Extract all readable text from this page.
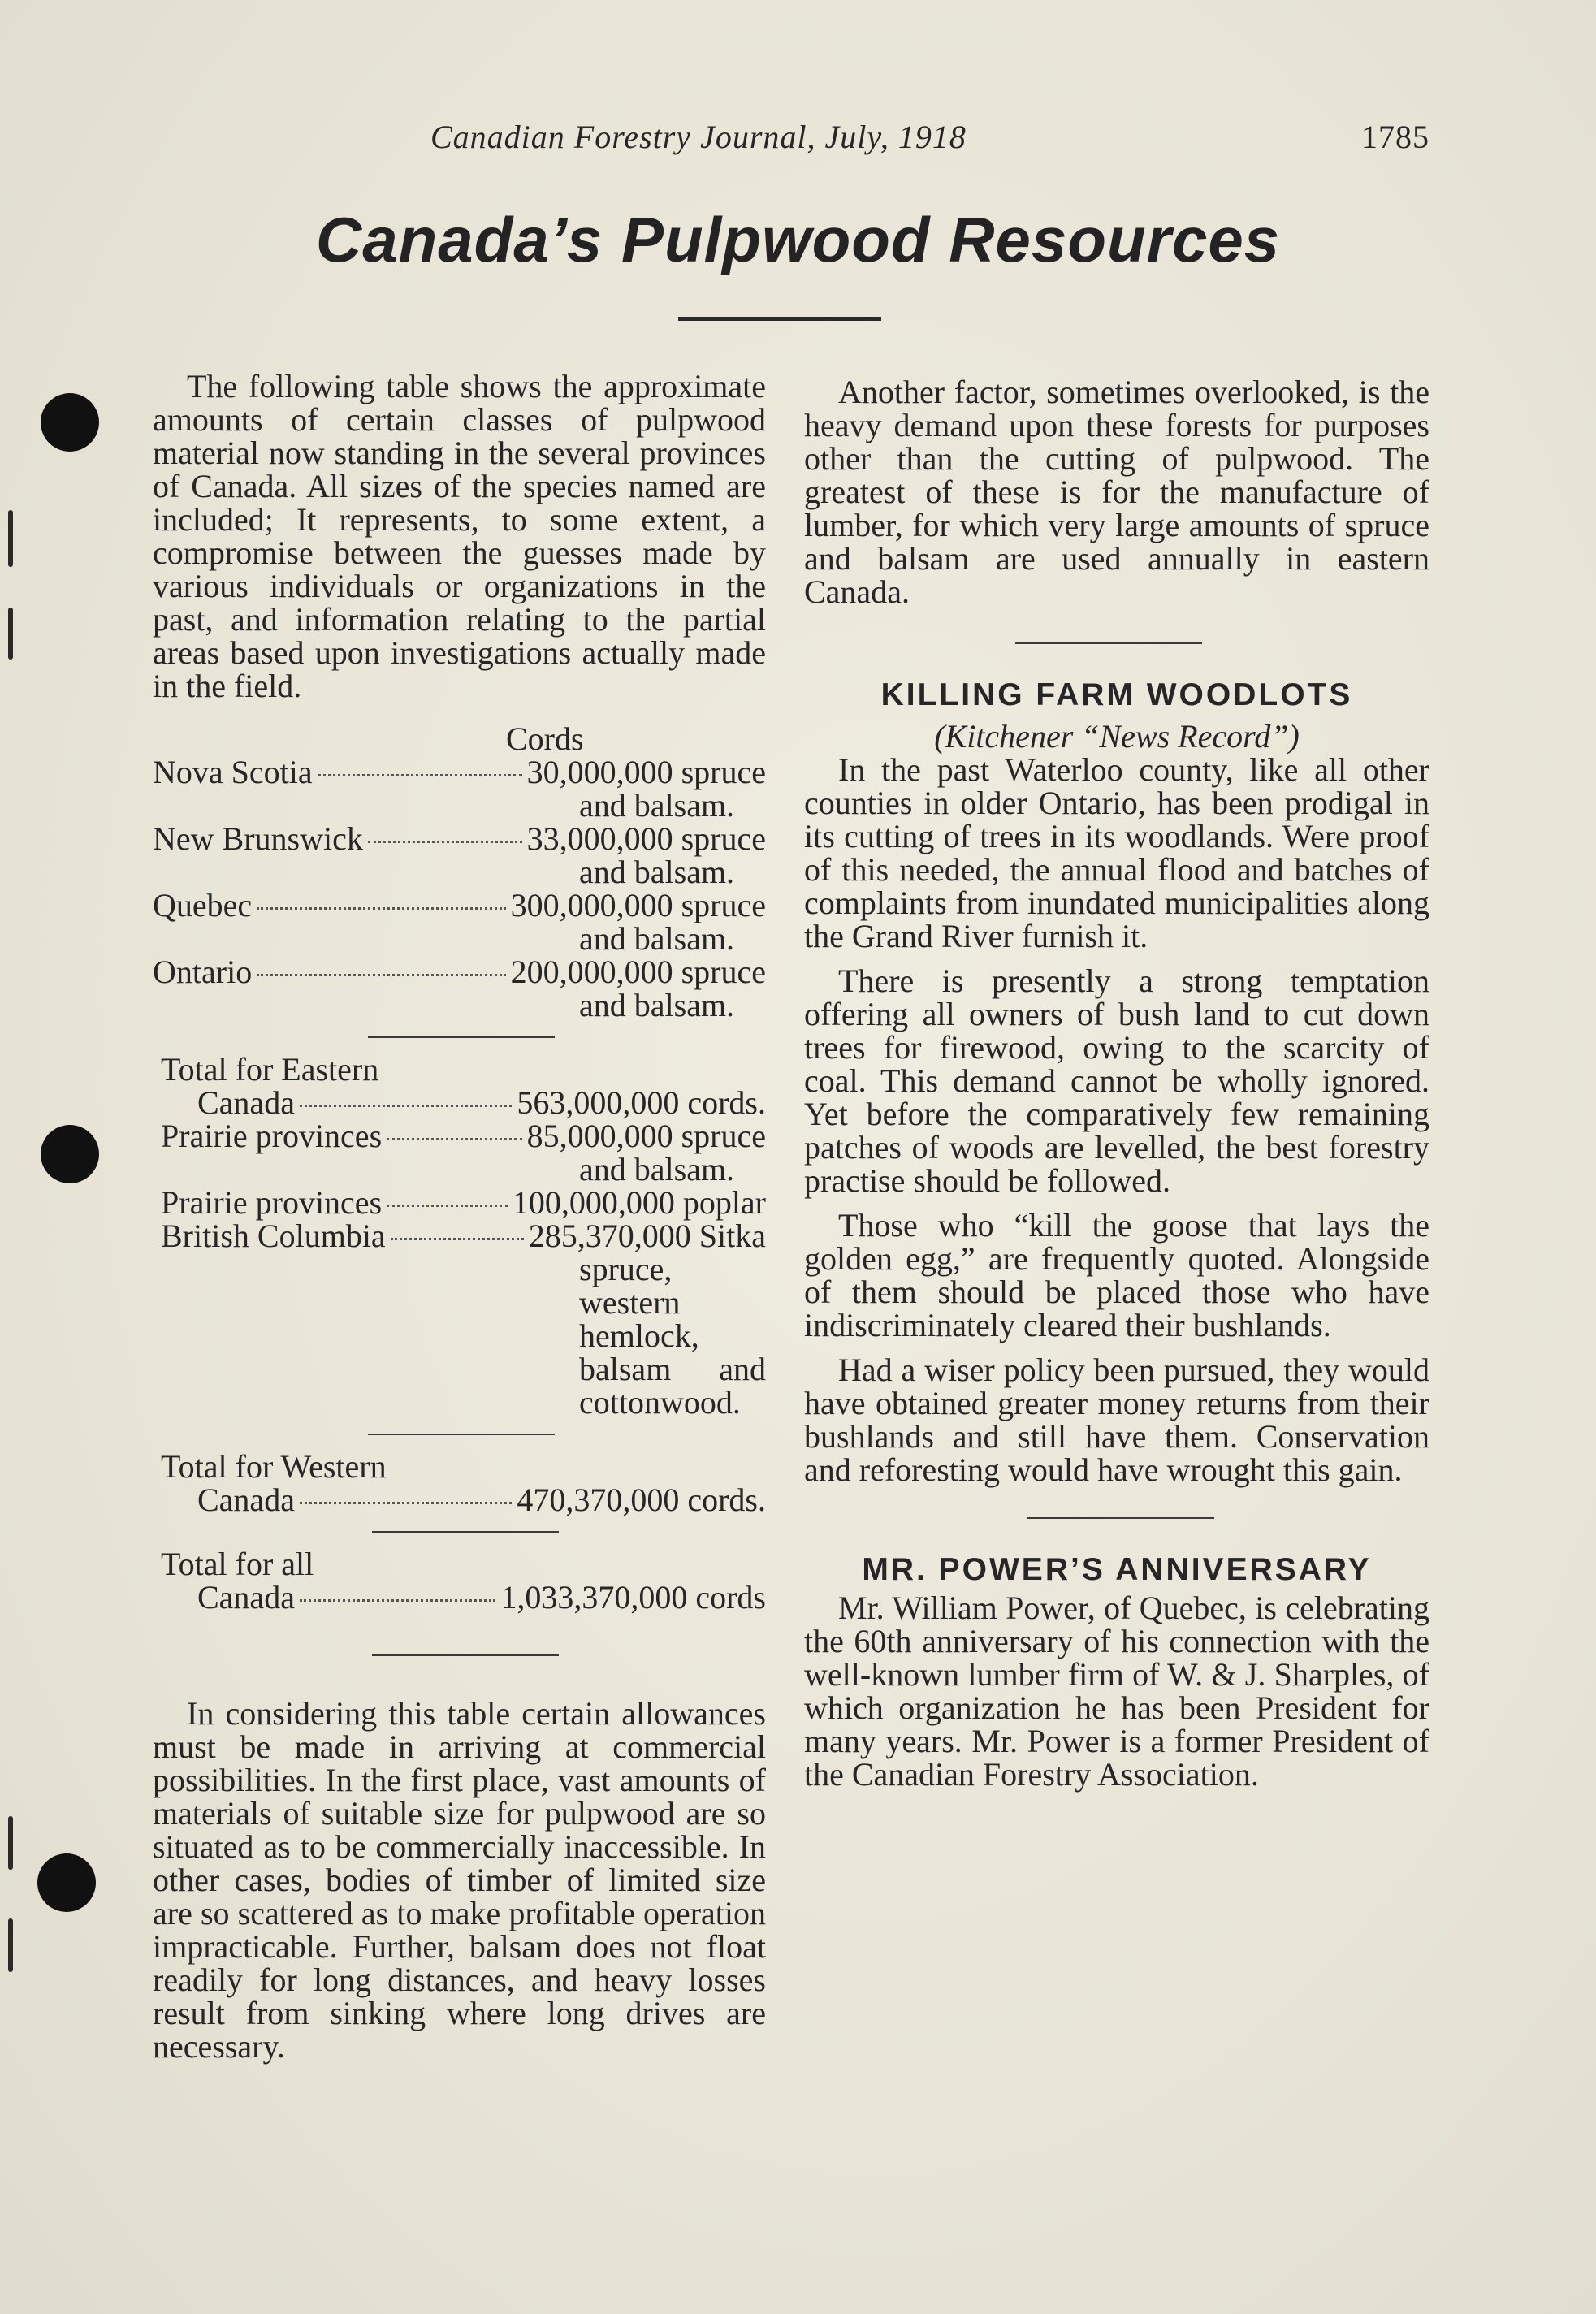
Canadian Forestry Journal, July, 1918	1785
Canada’s Pulpwood Resources

The following table shows the approximate amounts of certain classes of pulpwood material now standing in the several provinces of Canada. All sizes of the species named are included; It represents, to some extent, a compromise between the guesses made by various individuals or organizations in the past, and information relating to the partial areas based upon investigations actually made in the field.

Cords
Nova Scotia	30,000,000 spruce
and balsam.
New Brunswick	33,000,000 spruce
and balsam.
Quebec	300,000,000 spruce
and balsam.
Ontario	200,000,000 spruce
and balsam.
Total for Eastern
Canada	563,000,000 cords.
Prairie provinces	85,000,000 spruce
and balsam.
Prairie provinces	100,000,000 poplar
British Columbia	285,370,000 Sitka
spruce, western hemlock, balsam and cottonwood.
Total for Western
Canada	470,370,000 cords.
Total for all
Canada	1,033,370,000 cords

In considering this table certain allowances must be made in arriving at commercial possibilities. In the first place, vast amounts of materials of suitable size for pulpwood are so situated as to be commercially inaccessible. In other cases, bodies of timber of limited size are so scattered as to make profitable operation impracticable. Further, balsam does not float readily for long distances, and heavy losses result from sinking where long drives are necessary.

Another factor, sometimes overlooked, is the heavy demand upon these forests for purposes other than the cutting of pulpwood. The greatest of these is for the manufacture of lumber, for which very large amounts of spruce and balsam are used annually in eastern Canada.

KILLING FARM WOODLOTS
(Kitchener “News Record”)

In the past Waterloo county, like all other counties in older Ontario, has been prodigal in its cutting of trees in its woodlands. Were proof of this needed, the annual flood and batches of complaints from inundated municipalities along the Grand River furnish it.

There is presently a strong temptation offering all owners of bush land to cut down trees for firewood, owing to the scarcity of coal. This demand cannot be wholly ignored. Yet before the comparatively few remaining patches of woods are levelled, the best forestry practise should be followed.

Those who “kill the goose that lays the golden egg,” are frequently quoted. Alongside of them should be placed those who have indiscriminately cleared their bushlands.

Had a wiser policy been pursued, they would have obtained greater money returns from their bushlands and still have them. Conservation and reforesting would have wrought this gain.

MR. POWER’S ANNIVERSARY

Mr. William Power, of Quebec, is celebrating the 60th anniversary of his connection with the well-known lumber firm of W. & J. Sharples, of which organization he has been President for many years. Mr. Power is a former President of the Canadian Forestry Association.
